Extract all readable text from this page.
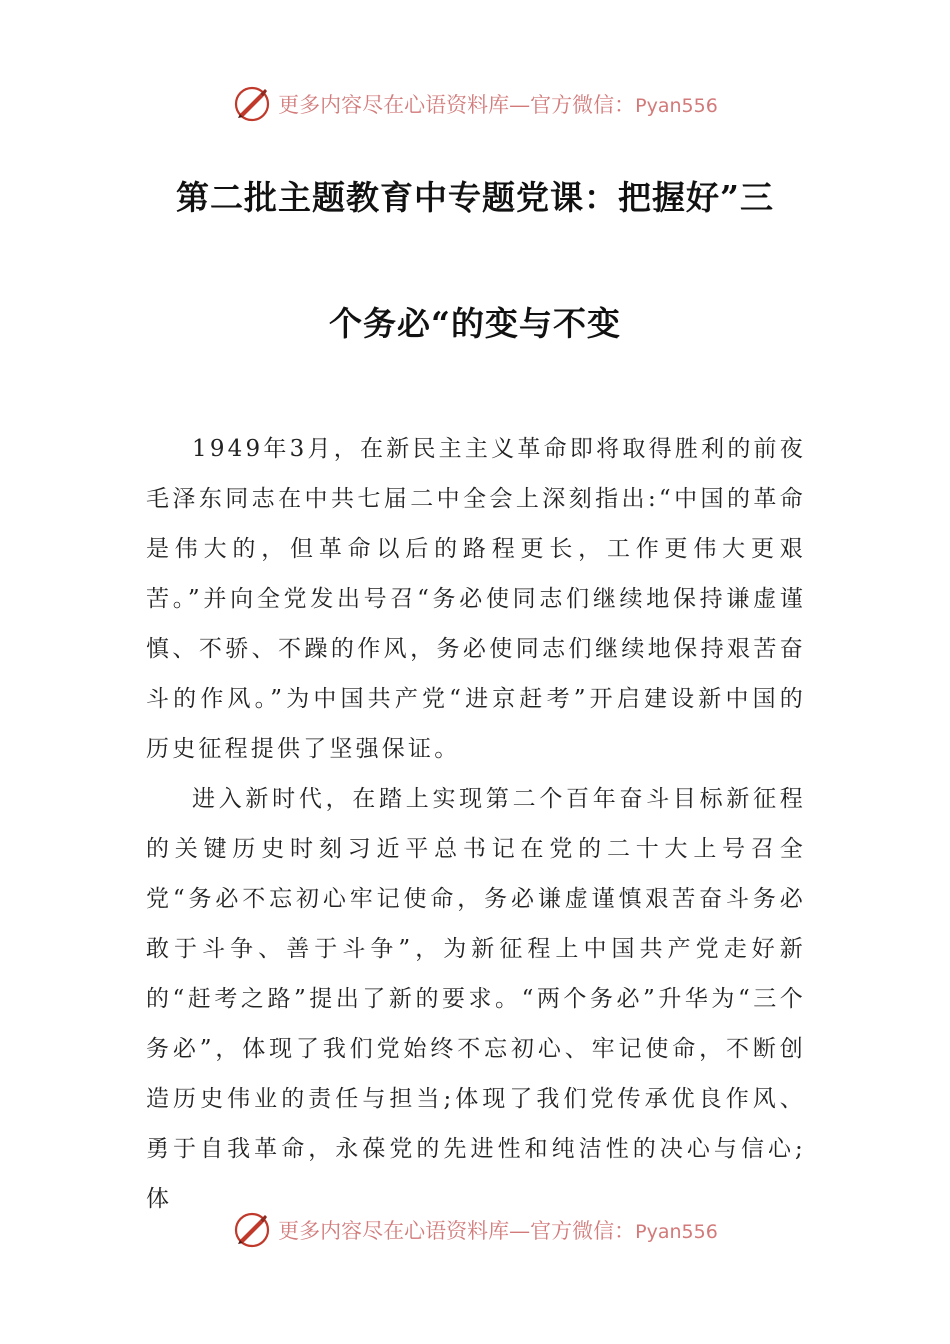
更多内容尽在心语资料库—官方微信：Pyan556
第二批主题教育中专题党课：把握好”三
个务必“的变与不变

1949年3月，在新民主主义革命即将取得胜利的前夜毛泽东同志在中共七届二中全会上深刻指出:“中国的革命是伟大的，但革命以后的路程更长，工作更伟大更艰苦。”并向全党发出号召“务必使同志们继续地保持谦虚谨慎、不骄、不躁的作风，务必使同志们继续地保持艰苦奋斗的作风。”为中国共产党“进京赶考”开启建设新中国的历史征程提供了坚强保证。

进入新时代，在踏上实现第二个百年奋斗目标新征程的关键历史时刻习近平总书记在党的二十大上号召全党“务必不忘初心牢记使命，务必谦虚谨慎艰苦奋斗务必敢于斗争、善于斗争”，为新征程上中国共产党走好新的“赶考之路”提出了新的要求。“两个务必”升华为“三个务必”，体现了我们党始终不忘初心、牢记使命，不断创造历史伟业的责任与担当;体现了我们党传承优良作风、勇于自我革命，永葆党的先进性和纯洁性的决心与信心;体

更多内容尽在心语资料库—官方微信：Pyan556
